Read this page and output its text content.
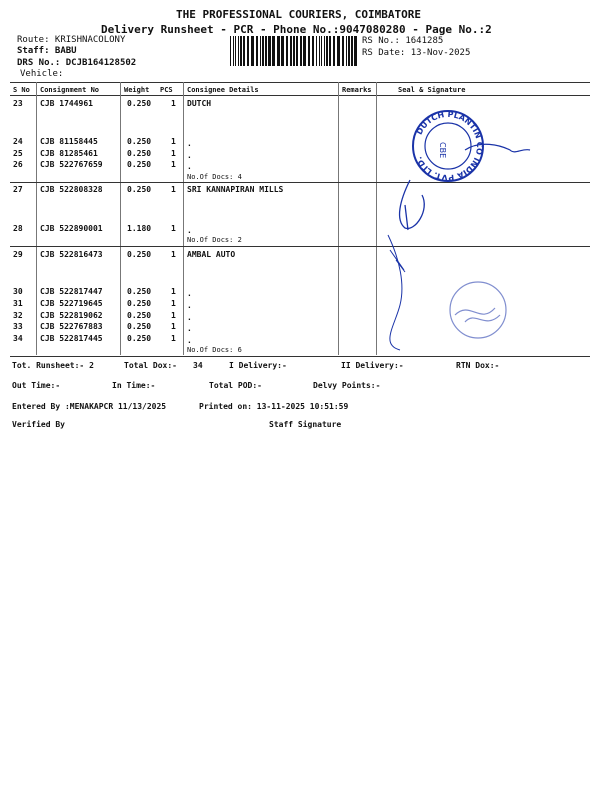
THE PROFESSIONAL COURIERS, COIMBATORE
Delivery Runsheet - PCR - Phone No.:9047080280 - Page No.:2
Route: KRISHNACOLONY
Staff: BABU
DRS No.: DCJB164128502
Vehicle:
RS No.: 1641285
RS Date: 13-Nov-2025
S No Consignment No	Weight PCS Consignee Details	Remarks	Seal & Signature
23 CJB 1744961	0.250 1 DUTCH
24 CJB 81158445	0.250 1 .
25 CJB 81285461	0.250 1 .
26 CJB 522767659	0.250 1 .
No.Of Docs: 4
27 CJB 522808328	0.250 1 SRI KANNAPIRAN MILLS
28 CJB 522890001	1.180 1 .
No.Of Docs: 2
29 CJB 522816473	0.250 1 AMBAL AUTO
30 CJB 522817447	0.250 1 .
31 CJB 522719645	0.250 1 .
32 CJB 522819062	0.250 1 .
33 CJB 522767883	0.250 1 .
34 CJB 522817445	0.250 1 .
No.Of Docs: 6
DUTCH PLANTIN CO INDIA PVT. LTD.
CBE
Tot. Runsheet:- 2	Total Dox:- 34	I Delivery:-	II Delivery:-	RTN Dox:-
Out Time:-	In Time:-	Total POD:-	Delvy Points:-
Entered By :MENAKAPCR 11/13/2025	Printed on: 13-11-2025 10:51:59
Verified By	Staff Signature
